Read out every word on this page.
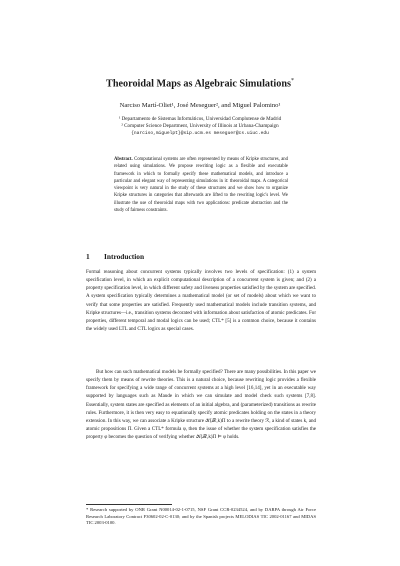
Theoroidal Maps as Algebraic Simulations*
Narciso Martí-Oliet¹, José Meseguer², and Miguel Palomino¹
¹ Departamento de Sistemas Informáticos, Universidad Complutense de Madrid
² Computer Science Department, University of Illinois at Urbana-Champaign
{narciso,miguelpt}@sip.ucm.es meseguer@cs.uiuc.edu
Abstract. Computational systems are often represented by means of Kripke structures, and related using simulations. We propose rewriting logic as a flexible and executable framework in which to formally specify these mathematical models, and introduce a particular and elegant way of representing simulations in it: theoroidal maps. A categorical viewpoint is very natural in the study of these structures and we show how to organize Kripke structures in categories that afterwards are lifted to the rewriting logic's level. We illustrate the use of theoroidal maps with two applications: predicate abstraction and the study of fairness constraints.
1 Introduction

Formal reasoning about concurrent systems typically involves two levels of specification: (1) a system specification level, in which an explicit computational description of a concurrent system is given; and (2) a property specification level, in which different safety and liveness properties satisfied by the system are specified. A system specification typically determines a mathematical model (or set of models) about which we want to verify that some properties are satisfied. Frequently used mathematical models include transition systems, and Kripke structures—i.e., transition systems decorated with information about satisfaction of atomic predicates. For properties, different temporal and modal logics can be used; CTL* [5] is a common choice, because it contains the widely used LTL and CTL logics as special cases.

But how can such mathematical models be formally specified? There are many possibilities. In this paper we specify them by means of rewrite theories. This is a natural choice, because rewriting logic provides a flexible framework for specifying a wide range of concurrent systems at a high level [16,14], yet in an executable way supported by languages such as Maude in which we can simulate and model check such systems [7,8]. Essentially, system states are specified as elements of an initial algebra, and (parameterized) transitions as rewrite rules. Furthermore, it is then very easy to equationally specify atomic predicates holding on the states in a theory extension. In this way, we can associate a Kripke structure 𝒦(ℛ,k)Π to a rewrite theory ℛ, a kind of states k, and atomic propositions Π. Given a CTL* formula φ, then the issue of whether the system specification satisfies the property φ becomes the question of verifying whether 𝒦(ℛ,k)Π ⊨ φ holds.

* Research supported by ONR Grant N00014-02-1-0715, NSF Grant CCR-0234524, and by DARPA through Air Force Research Laboratory Contract F30602-02-C-0130; and by the Spanish projects MELODIAS TIC 2002-01167 and MIDAS TIC 2003-0100.
